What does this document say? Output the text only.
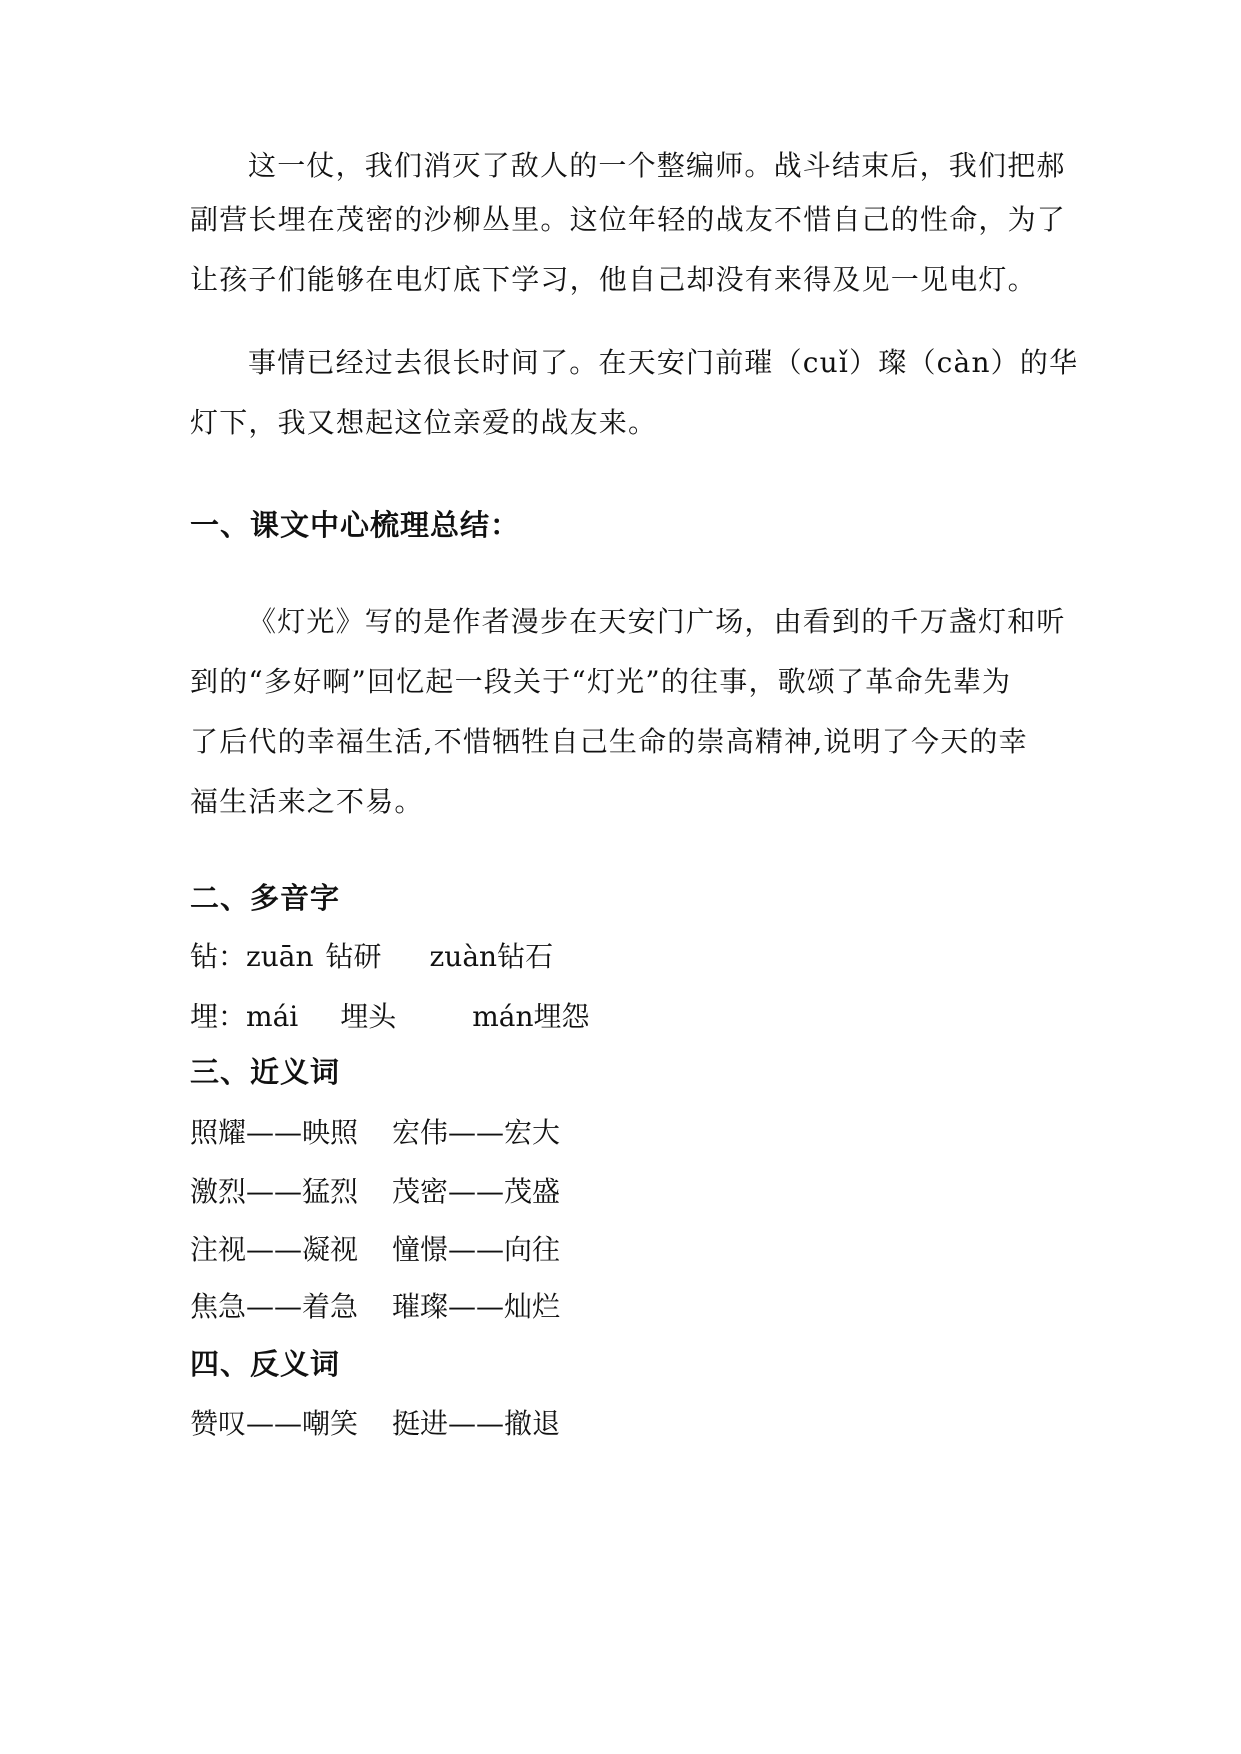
这一仗，我们消灭了敌人的一个整编师。战斗结束后，我们把郝
副营长埋在茂密的沙柳丛里。这位年轻的战友不惜自己的性命，为了
让孩子们能够在电灯底下学习，他自己却没有来得及见一见电灯。
事情已经过去很长时间了。在天安门前璀（cuǐ）璨（càn）的华
灯下，我又想起这位亲爱的战友来。
一、课文中心梳理总结：
《灯光》写的是作者漫步在天安门广场，由看到的千万盏灯和听
到的“多好啊”回忆起一段关于“灯光”的往事，歌颂了革命先辈为
了后代的幸福生活,不惜牺牲自己生命的崇高精神,说明了今天的幸
福生活来之不易。
二、多音字
钻：zuān 钻研 zuàn钻石
埋：mái 埋头	mán埋怨
三、近义词
照耀——映照 宏伟——宏大
激烈——猛烈 茂密——茂盛
注视——凝视 憧憬——向往
焦急——着急 璀璨——灿烂
四、反义词
赞叹——嘲笑 挺进——撤退
